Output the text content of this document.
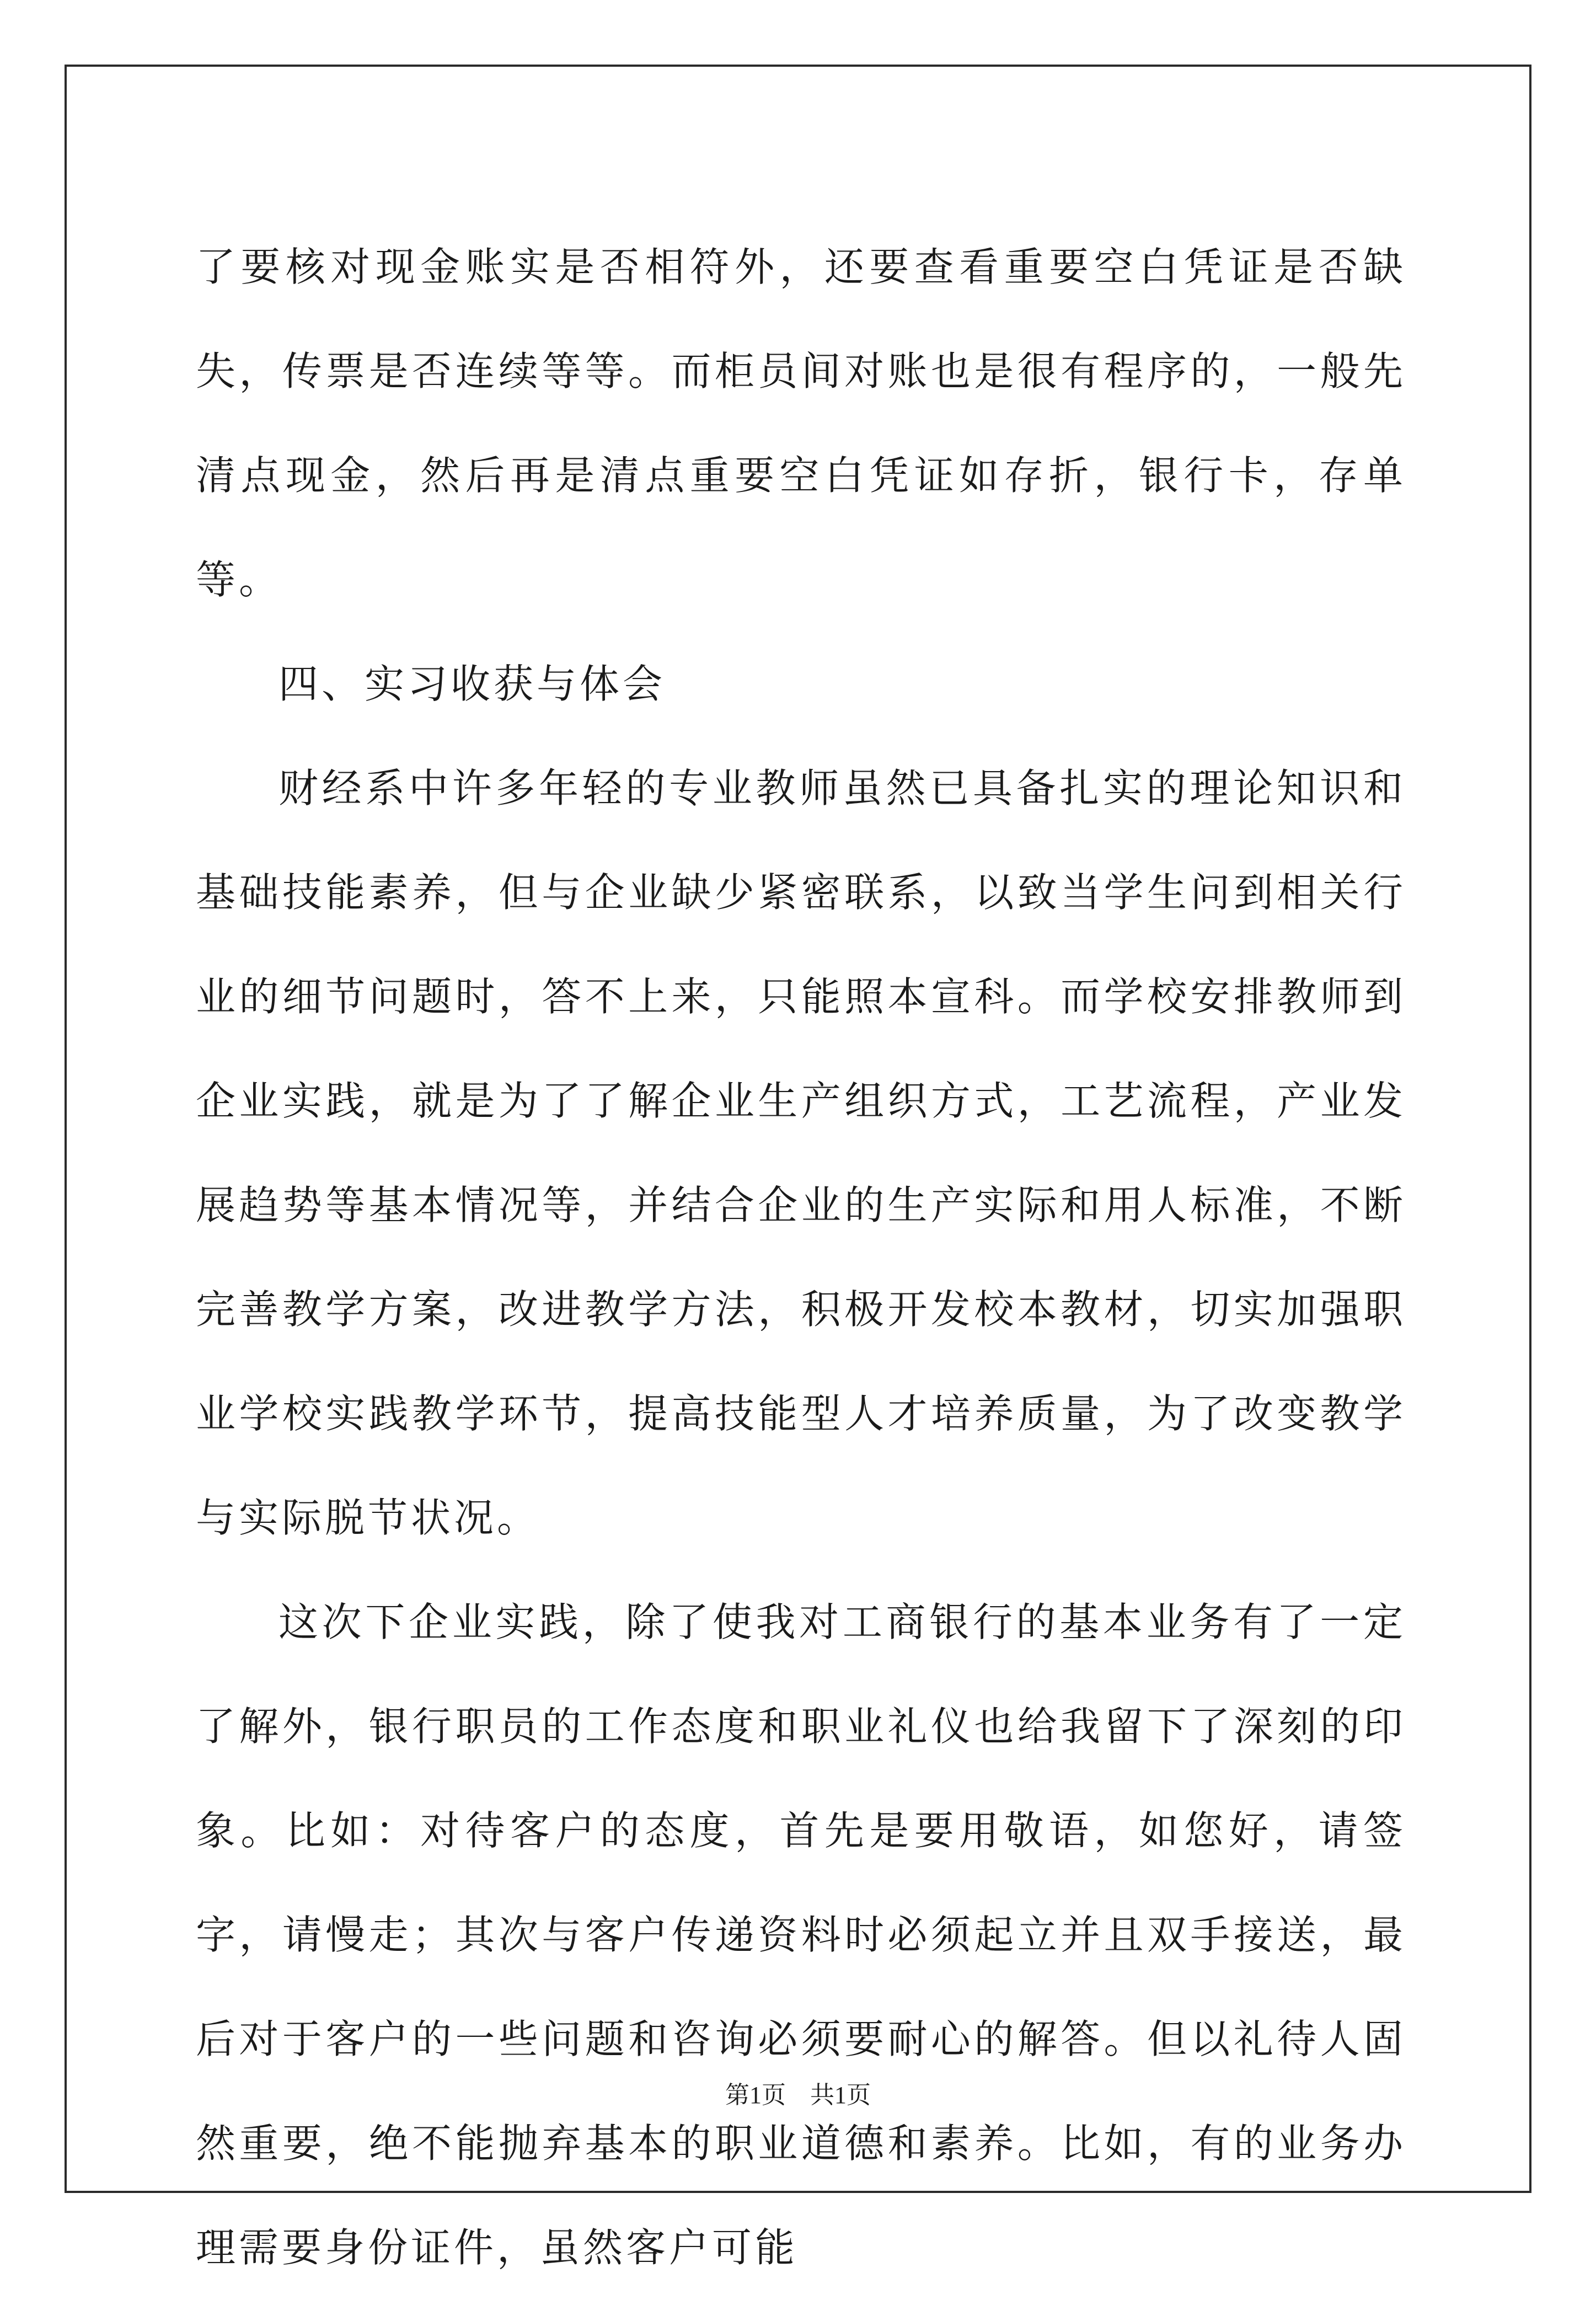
了要核对现金账实是否相符外，还要查看重要空白凭证是否缺失，传票是否连续等等。而柜员间对账也是很有程序的，一般先清点现金，然后再是清点重要空白凭证如存折，银行卡，存单等。

四、实习收获与体会

财经系中许多年轻的专业教师虽然已具备扎实的理论知识和基础技能素养，但与企业缺少紧密联系，以致当学生问到相关行业的细节问题时，答不上来，只能照本宣科。而学校安排教师到企业实践，就是为了了解企业生产组织方式，工艺流程，产业发展趋势等基本情况等，并结合企业的生产实际和用人标准，不断完善教学方案，改进教学方法，积极开发校本教材，切实加强职业学校实践教学环节，提高技能型人才培养质量，为了改变教学与实际脱节状况。

这次下企业实践，除了使我对工商银行的基本业务有了一定了解外，银行职员的工作态度和职业礼仪也给我留下了深刻的印象。比如：对待客户的态度，首先是要用敬语，如您好，请签字，请慢走；其次与客户传递资料时必须起立并且双手接送，最后对于客户的一些问题和咨询必须要耐心的解答。但以礼待人固然重要，绝不能抛弃基本的职业道德和素养。比如，有的业务办理需要身份证件，虽然客户可能

第1页 共1页
